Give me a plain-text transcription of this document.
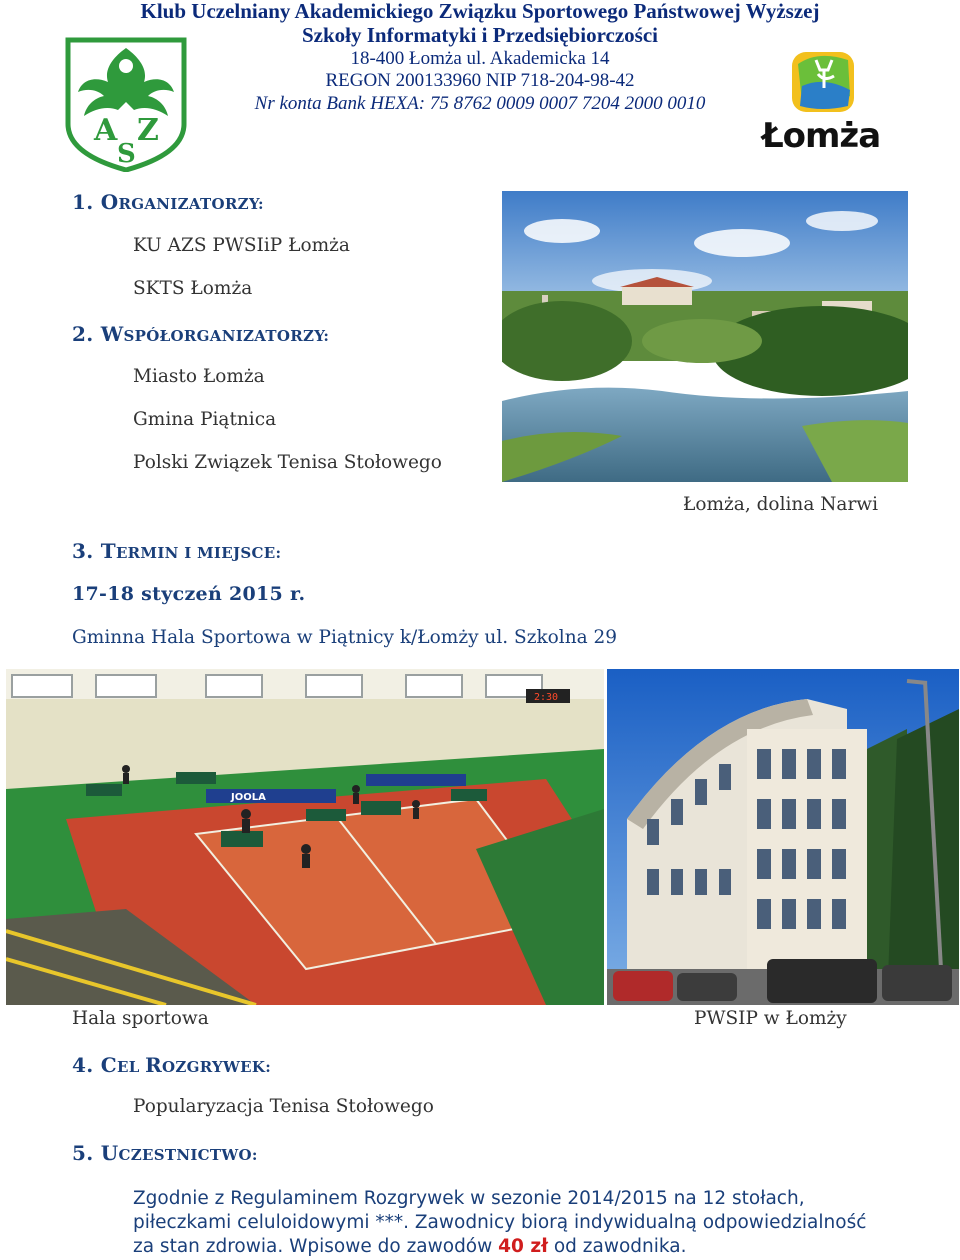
Klub Uczelniany Akademickiego Związku Sportowego Państwowej Wyższej
Szkoły Informatyki i Przedsiębiorczości
18-400 Łomża ul. Akademicka 14
REGON 200133960 NIP 718-204-98-42
Nr konta Bank HEXA: 75 8762 0009 0007 7204 2000 0010
A Z
S	Łomża
1. ORGANIZATORZY:
KU AZS PWSIiP Łomża
SKTS Łomża
2. WSPÓŁORGANIZATORZY:
Miasto Łomża
Gmina Piątnica
Polski Związek Tenisa Stołowego
Łomża, dolina Narwi
3. TERMIN I MIEJSCE:
17-18 styczeń 2015 r.
Gminna Hala Sportowa w Piątnicy k/Łomży ul. Szkolna 29
2:30
JOOLA
Hala sportowa	PWSIP w Łomży
4. CEL ROZGRYWEK:
Popularyzacja Tenisa Stołowego
5. UCZESTNICTWO:
Zgodnie z Regulaminem Rozgrywek w sezonie 2014/2015 na 12 stołach,
piłeczkami celuloidowymi ***. Zawodnicy biorą indywidualną odpowiedzialność
za stan zdrowia. Wpisowe do zawodów 40 zł od zawodnika.
